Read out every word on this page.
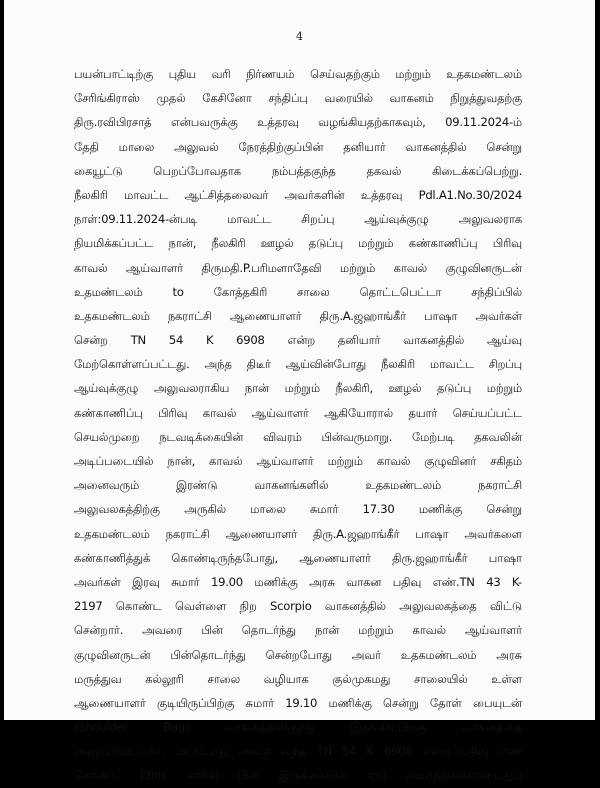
4
பயன்பாட்டிற்கு புதிய வரி நிர்ணயம் செய்வதற்கும் மற்றும் உதகமண்டலம்
சேரிங்கிராஸ் முதல் கேசினோ சந்திப்பு வரையில் வாகனம் நிறுத்துவதற்கு
திரு.ரவிபிரசாத் என்பவருக்கு உத்தரவு வழங்கியதற்காகவும், 09.11.2024-ம்
தேதி மாலை அலுவல் நேரத்திற்குப்பின் தனியார் வாகனத்தில் சென்று
கையூட்டு பெறப்போவதாக நம்பத்தகுந்த தகவல் கிடைக்கப்பெற்று.
நீலகிரி மாவட்ட ஆட்சித்தலைவர் அவர்களின் உத்தரவு Pdl.A1.No.30/2024
நாள்:09.11.2024-ன்படி மாவட்ட சிறப்பு ஆய்வுக்குழு அலுவலராக
நியமிக்கப்பட்ட நான், நீலகிரி ஊழல் தடுப்பு மற்றும் கண்காணிப்பு பிரிவு
காவல் ஆய்வாளர் திருமதி.P.பரிமளாதேவி மற்றும் காவல் குழுவினருடன்
உதமண்டலம் to கோத்தகிரி சாலை தொட்டபெட்டா சந்திப்பில்
உதகமண்டலம் நகராட்சி ஆணையாளர் திரு.A.ஜஹாங்கீர் பாஷா அவர்கள்
சென்ற TN 54 K 6908 என்ற தனியார் வாகனத்தில் ஆய்வு
மேற்கொள்ளப்பட்டது. அந்த திடீர் ஆய்வின்போது நீலகிரி மாவட்ட சிறப்பு
ஆய்வுக்குழு அலுவலராகிய நான் மற்றும் நீலகிரி, ஊழல் தடுப்பு மற்றும்
கண்காணிப்பு பிரிவு காவல் ஆய்வாளர் ஆகியோரால் தயார் செய்யப்பட்ட
செயல்முறை நடவடிக்கையின் விவரம் பின்வருமாறு. மேற்படி தகவலின்
அடிப்படையில் நான், காவல் ஆய்வாளர் மற்றும் காவல் குழுவினர் சகிதம்
அனைவரும் இரண்டு வாகனங்களில் உதகமண்டலம் நகராட்சி
அலுவலகத்திற்கு அருகில் மாலை சுமார் 17.30 மணிக்கு சென்று
உதகமண்டலம் நகராட்சி ஆணையாளர் திரு.A.ஜஹாங்கீர் பாஷா அவர்களை
கண்காணித்துக் கொண்டிருந்தபோது, ஆணையாளர் திரு.ஜஹாங்கீர் பாஷா
அவர்கள் இரவு சுமார் 19.00 மணிக்கு அரசு வாகன பதிவு எண்.TN 43 K-
2197 கொண்ட வெள்ளை நிற Scorpio வாகனத்தில் அலுவலகத்தை விட்டு
சென்றார். அவரை பின் தொடர்ந்து நான் மற்றும் காவல் ஆய்வாளர்
குழுவினருடன் பின்தொடர்ந்து சென்றபோது அவர் உதகமண்டலம் அரசு
மருத்துவ கல்லூரி சாலை வழியாக குல்முகமது சாலையில் உள்ள
ஆணையாளர் குடியிருப்பிற்கு சுமார் 19.10 மணிக்கு சென்று தோள் பையுடன்
(Shoulder Bag) வாகனத்திலிருந்து இறங்கியபிறகு வாகனத்தை
அனுப்பிவிட்டார். அப்போது அங்கு வந்த TN 54 K 6908 என்ற பதிவு எண்
கொண்ட Etios காரில் பின் இருக்கையில் ஏறி அமர்ந்துக்கொண்டதும்
